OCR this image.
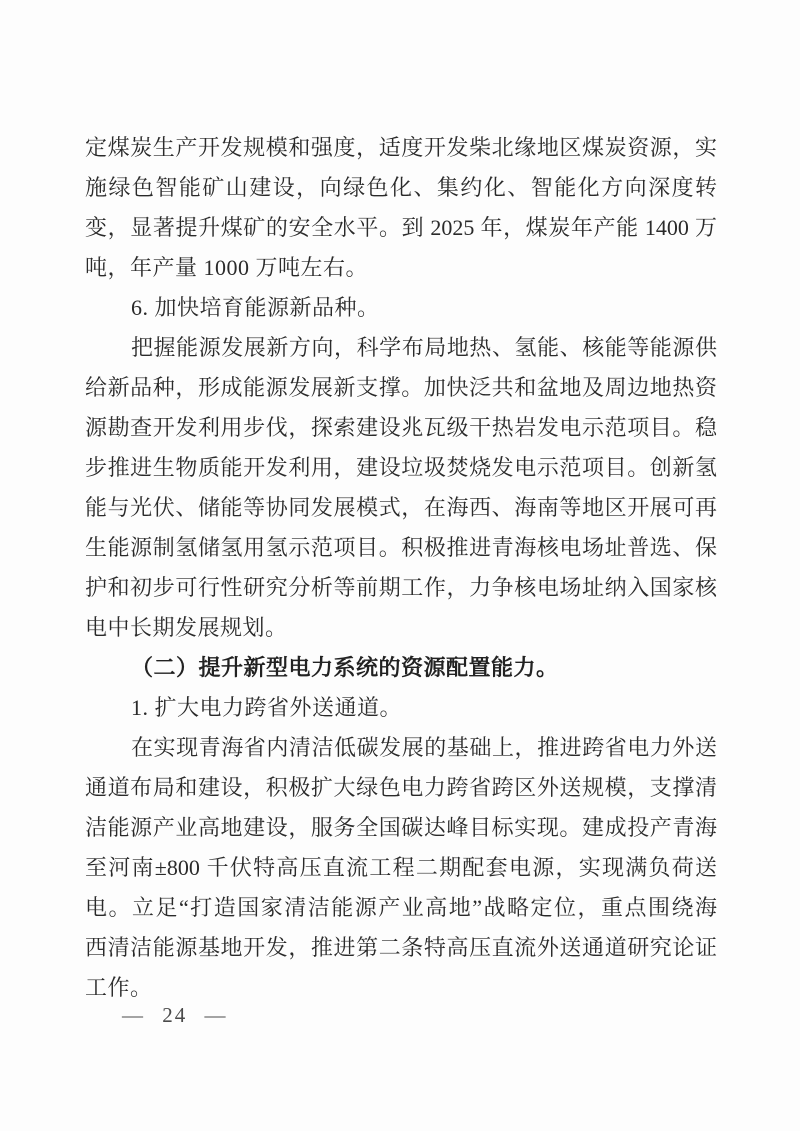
定煤炭生产开发规模和强度，适度开发柴北缘地区煤炭资源，实
施绿色智能矿山建设，向绿色化、集约化、智能化方向深度转
变，显著提升煤矿的安全水平。到 2025 年，煤炭年产能 1400 万
吨，年产量 1000 万吨左右。
6. 加快培育能源新品种。
把握能源发展新方向，科学布局地热、氢能、核能等能源供
给新品种，形成能源发展新支撑。加快泛共和盆地及周边地热资
源勘查开发利用步伐，探索建设兆瓦级干热岩发电示范项目。稳
步推进生物质能开发利用，建设垃圾焚烧发电示范项目。创新氢
能与光伏、储能等协同发展模式，在海西、海南等地区开展可再
生能源制氢储氢用氢示范项目。积极推进青海核电场址普选、保
护和初步可行性研究分析等前期工作，力争核电场址纳入国家核
电中长期发展规划。
（二）提升新型电力系统的资源配置能力。
1. 扩大电力跨省外送通道。
在实现青海省内清洁低碳发展的基础上，推进跨省电力外送
通道布局和建设，积极扩大绿色电力跨省跨区外送规模，支撑清
洁能源产业高地建设，服务全国碳达峰目标实现。建成投产青海
至河南±800 千伏特高压直流工程二期配套电源，实现满负荷送
电。立足“打造国家清洁能源产业高地”战略定位，重点围绕海
西清洁能源基地开发，推进第二条特高压直流外送通道研究论证
工作。
— 24 —
